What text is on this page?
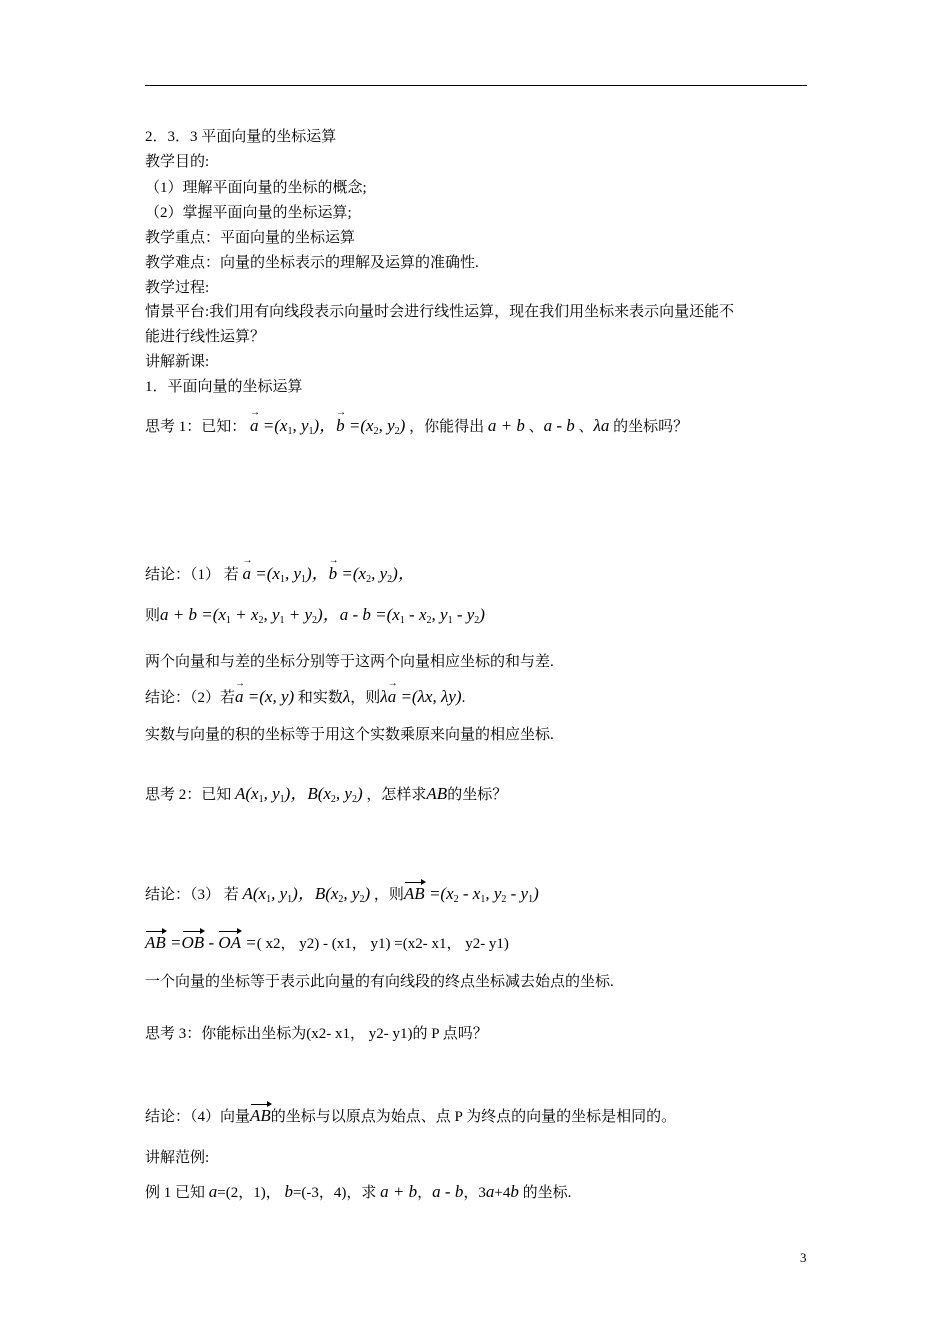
2．3．3 平面向量的坐标运算
教学目的:
（1）理解平面向量的坐标的概念;
（2）掌握平面向量的坐标运算;
教学重点：平面向量的坐标运算
教学难点：向量的坐标表示的理解及运算的准确性.
教学过程:
情景平台:我们用有向线段表示向量时会进行线性运算，现在我们用坐标来表示向量还能不
能进行线性运算？
讲解新课:
1．平面向量的坐标运算
思考 1：已知： → $a =(x_1$, $y_1$)，→ $b =(x_2$, $y_2$) ，你能得出 a + b 、a - b 、λa 的坐标吗？
结论：（1） 若 → $a =(x_1$, $y_1$)，→ $b =(x_2$, $y_2$)，
则$a + b =(x_1 + x_2$, $y_1 + y_2$)，$a - b =(x_1 - x_2$, $y_1 - y_2$)
两个向量和与差的坐标分别等于这两个向量相应坐标的和与差.
结论：（2）若→ a =(x, y) 和实数λ，则λ→ a =(λx, λy).
实数与向量的积的坐标等于用这个实数乘原来向量的相应坐标.
思考 2：已知 $A(x_1$, $y_1$)，$B(x_2$, $y_2$) ，怎样求AB的坐标？
结论：（3） 若 $A(x_1$, $y_1$)，$B(x_2$, $y_2$) ，则AB $=(x_2 - x_1$, $y_2 - y_1$)
AB =OB - OA =( x2， y2) - (x1， y1) =(x2- x1， y2- y1)
一个向量的坐标等于表示此向量的有向线段的终点坐标减去始点的坐标.
思考 3：你能标出坐标为(x2- x1， y2- y1)的 P 点吗？
结论：（4）向量AB的坐标与以原点为始点、点 P 为终点的向量的坐标是相同的。
讲解范例:
例 1 已知 a=(2，1)， b=(-3，4)，求 a + b，a - b，3a+4b 的坐标.
3
